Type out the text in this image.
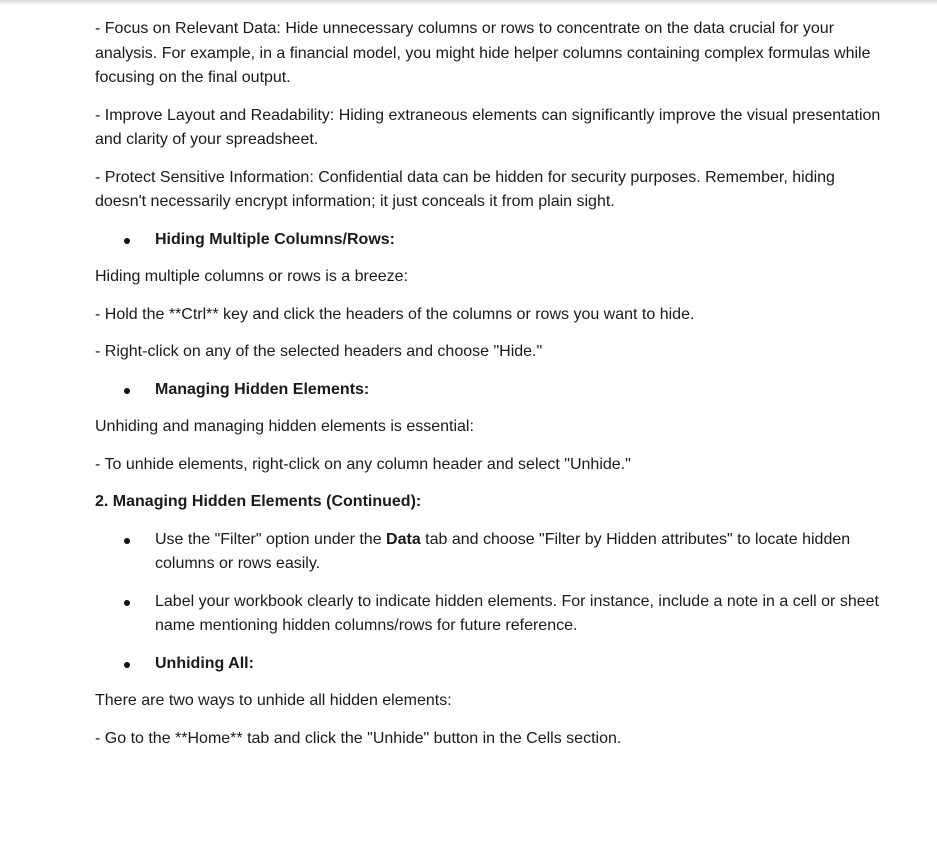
- Focus on Relevant Data: Hide unnecessary columns or rows to concentrate on the data crucial for your analysis. For example, in a financial model, you might hide helper columns containing complex formulas while focusing on the final output.

- Improve Layout and Readability: Hiding extraneous elements can significantly improve the visual presentation and clarity of your spreadsheet.

- Protect Sensitive Information: Confidential data can be hidden for security purposes. Remember, hiding doesn't necessarily encrypt information; it just conceals it from plain sight.

Hiding Multiple Columns/Rows:

Hiding multiple columns or rows is a breeze:

- Hold the **Ctrl** key and click the headers of the columns or rows you want to hide.

- Right-click on any of the selected headers and choose "Hide."

Managing Hidden Elements:

Unhiding and managing hidden elements is essential:

- To unhide elements, right-click on any column header and select "Unhide."

2. Managing Hidden Elements (Continued):

Use the "Filter" option under the Data tab and choose "Filter by Hidden attributes" to locate hidden columns or rows easily.
Label your workbook clearly to indicate hidden elements. For instance, include a note in a cell or sheet name mentioning hidden columns/rows for future reference.
Unhiding All:

There are two ways to unhide all hidden elements:

- Go to the **Home** tab and click the "Unhide" button in the Cells section.
